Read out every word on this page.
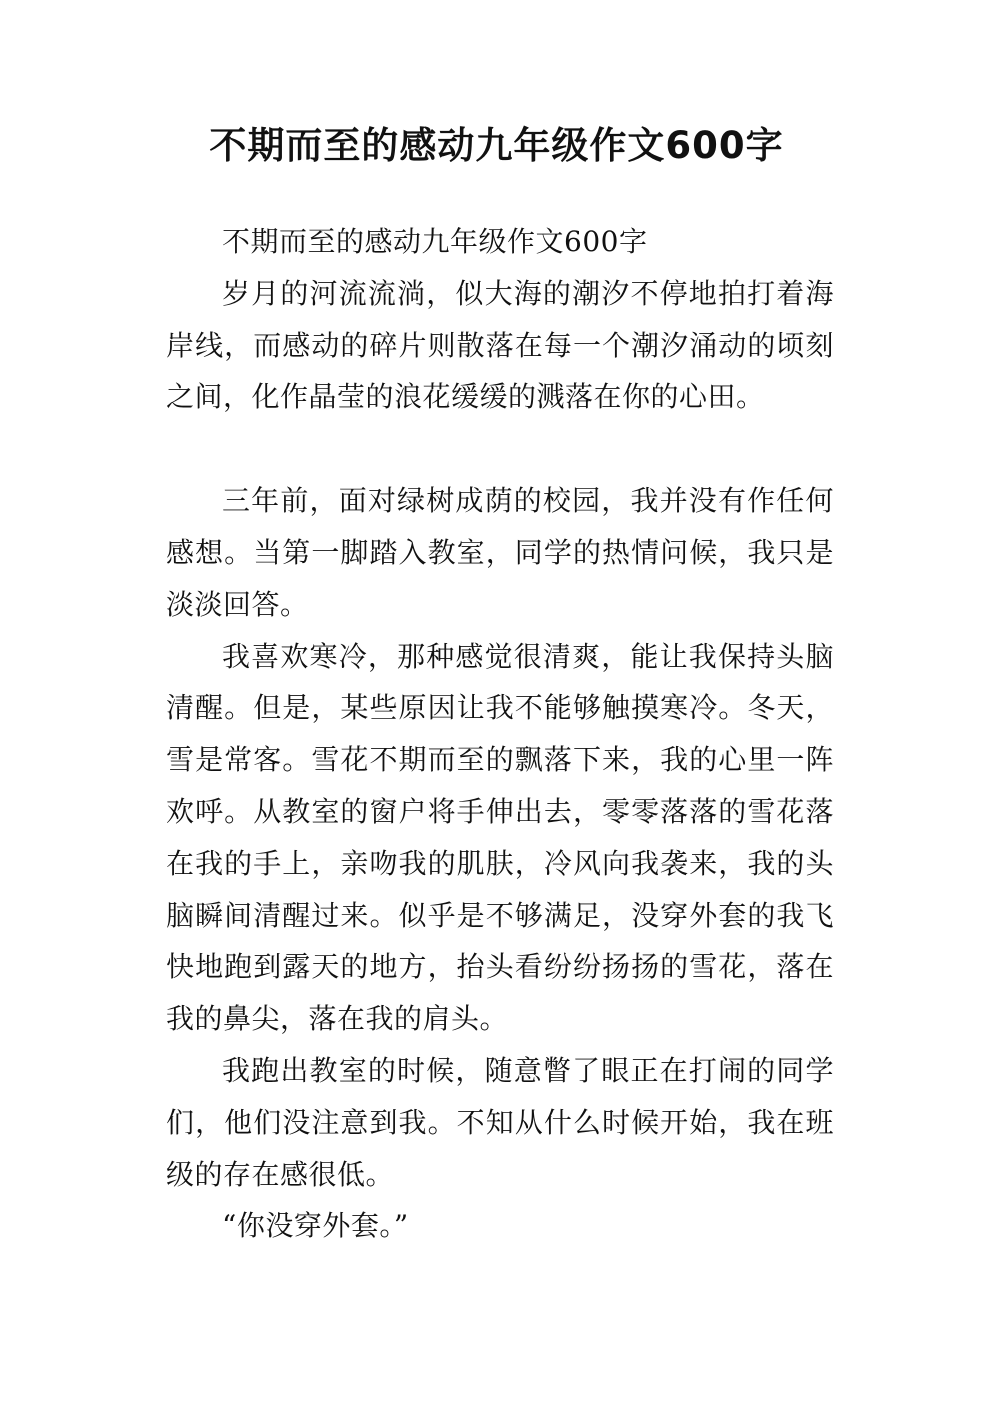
不期而至的感动九年级作文600字

不期而至的感动九年级作文600字

岁月的河流流淌，似大海的潮汐不停地拍打着海岸线，而感动的碎片则散落在每一个潮汐涌动的顷刻之间，化作晶莹的浪花缓缓的溅落在你的心田。

三年前，面对绿树成荫的校园，我并没有作任何感想。当第一脚踏入教室，同学的热情问候，我只是淡淡回答。

我喜欢寒冷，那种感觉很清爽，能让我保持头脑清醒。但是，某些原因让我不能够触摸寒冷。冬天，雪是常客。雪花不期而至的飘落下来，我的心里一阵欢呼。从教室的窗户将手伸出去，零零落落的雪花落在我的手上，亲吻我的肌肤，冷风向我袭来，我的头脑瞬间清醒过来。似乎是不够满足，没穿外套的我飞快地跑到露天的地方，抬头看纷纷扬扬的雪花，落在我的鼻尖，落在我的肩头。

我跑出教室的时候，随意瞥了眼正在打闹的同学们，他们没注意到我。不知从什么时候开始，我在班级的存在感很低。

“你没穿外套。”
